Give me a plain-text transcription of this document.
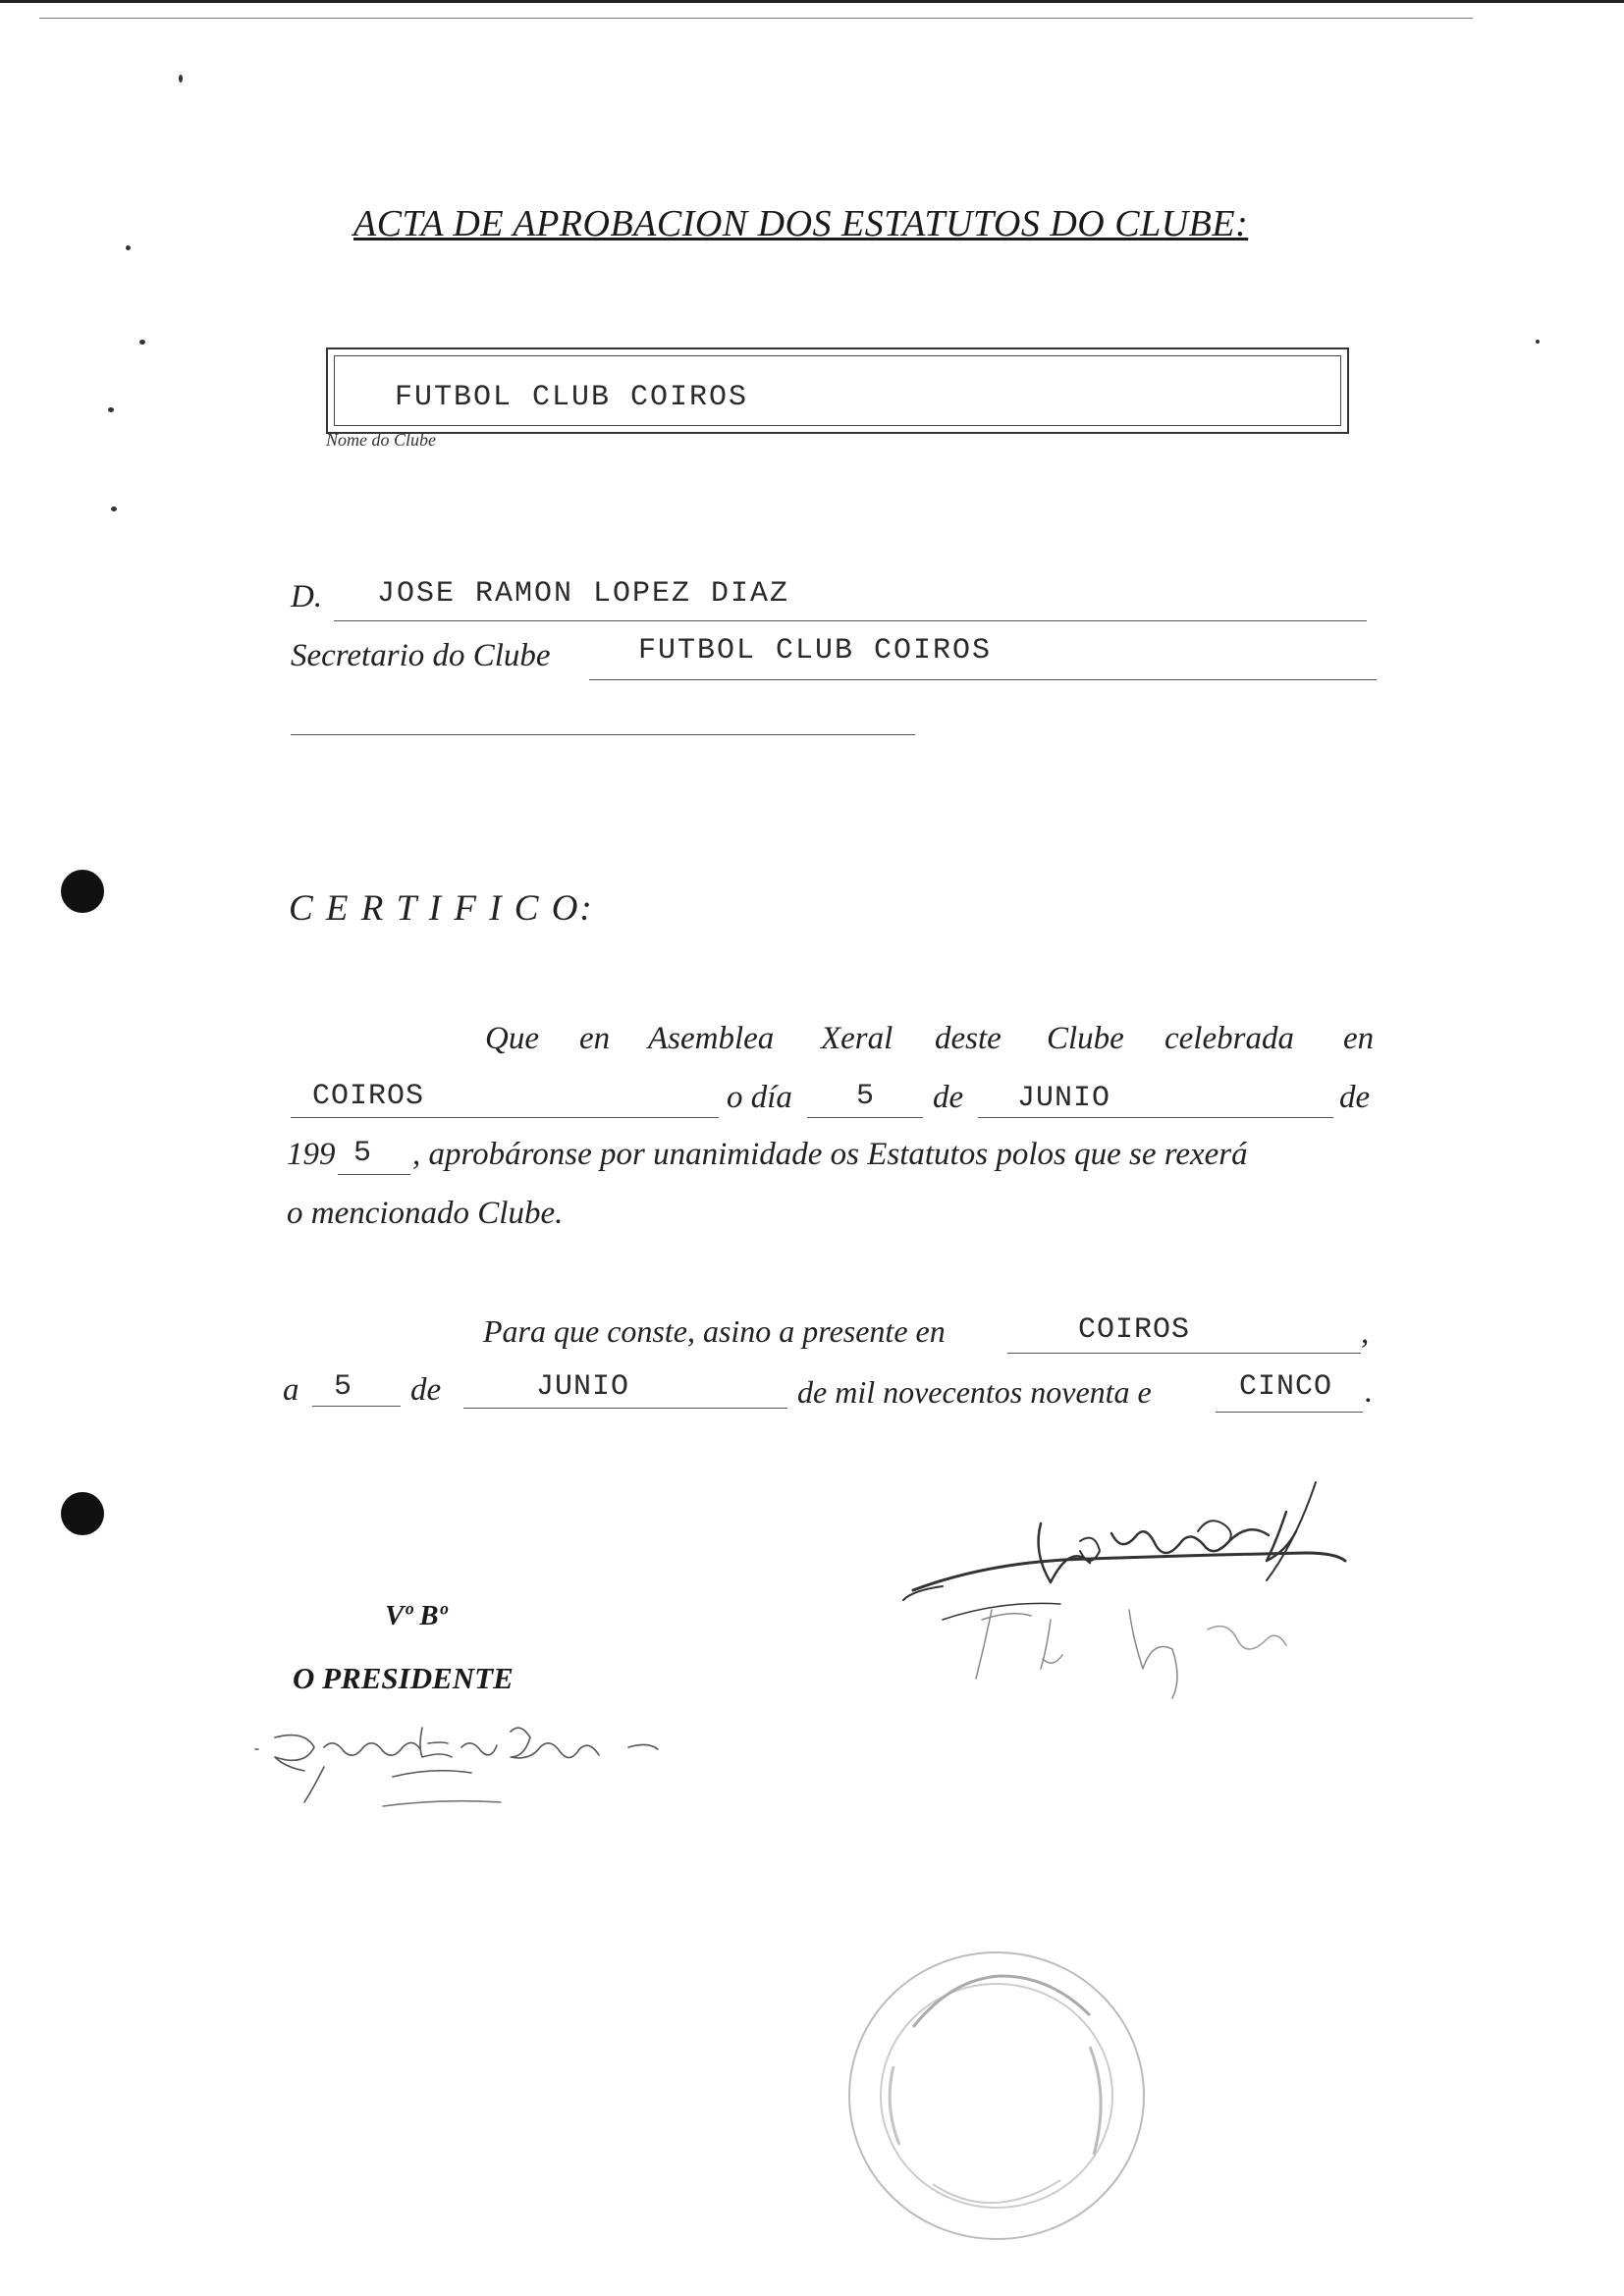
ACTA DE APROBACION DOS ESTATUTOS DO CLUBE:
FUTBOL CLUB COIROS
Nome do Clube
D. JOSE RAMON LOPEZ DIAZ
Secretario do Clube	FUTBOL CLUB COIROS
C E R T I F I C O:
Que en Asemblea Xeral deste Clube celebrada en
COIROS	o día 5 de JUNIO	de
199 5 , aprobáronse por unanimidade os Estatutos polos que se rexerá
o mencionado Clube.
Para que conste, asino a presente en	COIROS	,
a 5 de	JUNIO	de mil novecentos noventa e	CINCO .
Vº Bº
O PRESIDENTE
